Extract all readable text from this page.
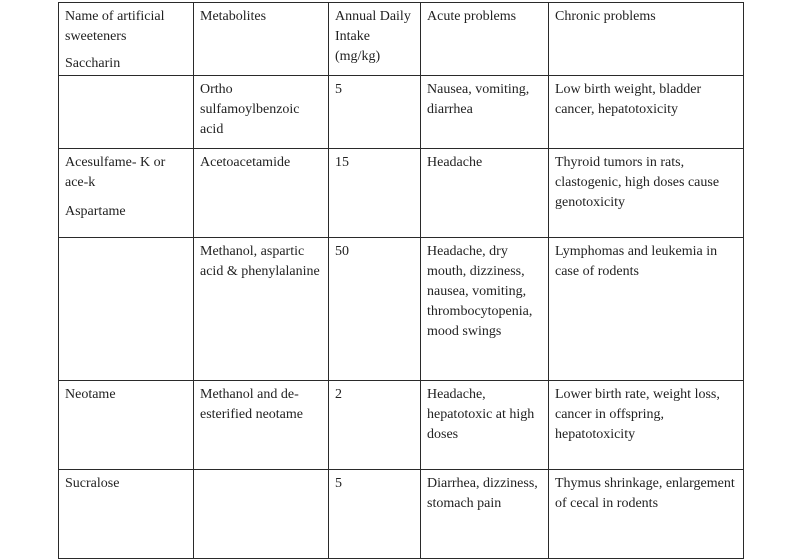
Name of artificial sweeteners	Metabolites	Annual Daily Intake (mg/kg)	Acute problems	Chronic problems

Saccharin	Ortho sulfamoylbenzoic acid	5	Nausea, vomiting, diarrhea	Low birth weight, bladder cancer, hepatotoxicity
Acesulfame- K or ace-k	Acetoacetamide	15	Headache	Thyroid tumors in rats, clastogenic, high doses cause genotoxicity

Aspartame	Methanol, aspartic acid & phenylalanine	50	Headache, dry mouth, dizziness, nausea, vomiting, thrombocytopenia, mood swings	Lymphomas and leukemia in case of rodents
Neotame	Methanol and de-esterified neotame	2	Headache, hepatotoxic at high doses	Lower birth rate, weight loss, cancer in offspring, hepatotoxicity
Sucralose		5	Diarrhea, dizziness, stomach pain	Thymus shrinkage, enlargement of cecal in rodents
